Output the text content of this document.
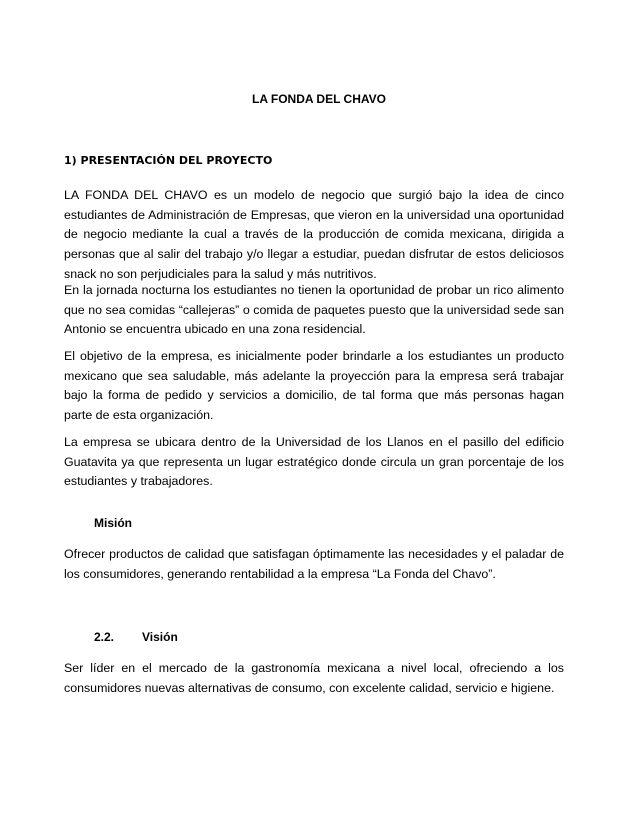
LA FONDA DEL CHAVO
1) PRESENTACIÓN DEL PROYECTO

LA FONDA DEL CHAVO es un modelo de negocio que surgió bajo la idea de cinco estudiantes de Administración de Empresas, que vieron en la universidad una oportunidad de negocio mediante la cual a través de la producción de comida mexicana, dirigida a personas que al salir del trabajo y/o llegar a estudiar, puedan disfrutar de estos deliciosos snack no son perjudiciales para la salud y más nutritivos.

En la jornada nocturna los estudiantes no tienen la oportunidad de probar un rico alimento que no sea comidas “callejeras” o comida de paquetes puesto que la universidad sede san Antonio se encuentra ubicado en una zona residencial.

El objetivo de la empresa, es inicialmente poder brindarle a los estudiantes un producto mexicano que sea saludable, más adelante la proyección para la empresa será trabajar bajo la forma de pedido y servicios a domicilio, de tal forma que más personas hagan parte de esta organización.

La empresa se ubicara dentro de la Universidad de los Llanos en el pasillo del edificio Guatavita ya que representa un lugar estratégico donde circula un gran porcentaje de los estudiantes y trabajadores.

Misión

Ofrecer productos de calidad que satisfagan óptimamente las necesidades y el paladar de los consumidores, generando rentabilidad a la empresa “La Fonda del Chavo”.

2.2. Visión

Ser líder en el mercado de la gastronomía mexicana a nivel local, ofreciendo a los consumidores nuevas alternativas de consumo, con excelente calidad, servicio e higiene.
